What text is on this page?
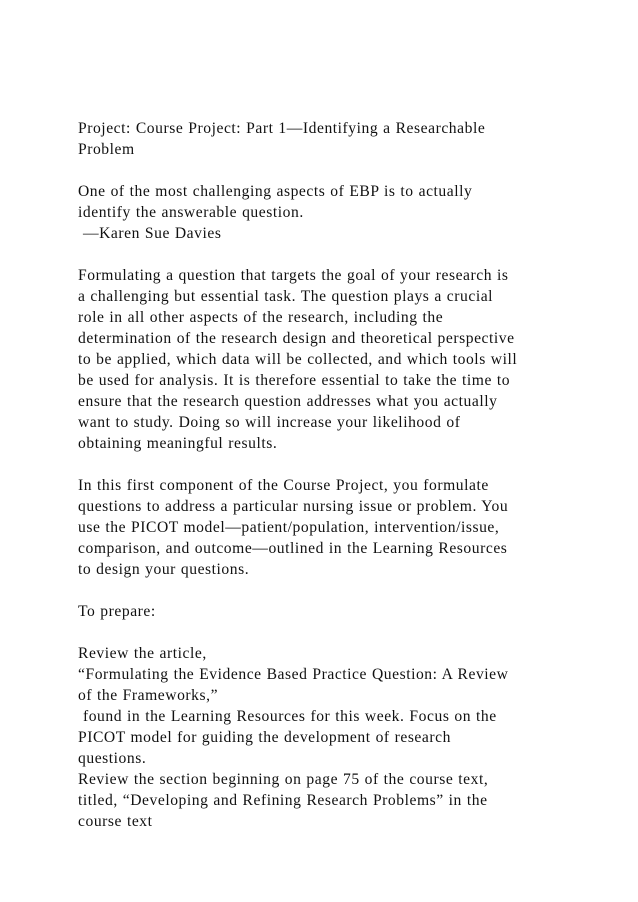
Project: Course Project: Part 1—Identifying a Researchable
Problem
One of the most challenging aspects of EBP is to actually
identify the answerable question.
—Karen Sue Davies
Formulating a question that targets the goal of your research is
a challenging but essential task. The question plays a crucial
role in all other aspects of the research, including the
determination of the research design and theoretical perspective
to be applied, which data will be collected, and which tools will
be used for analysis. It is therefore essential to take the time to
ensure that the research question addresses what you actually
want to study. Doing so will increase your likelihood of
obtaining meaningful results.
In this first component of the Course Project, you formulate
questions to address a particular nursing issue or problem. You
use the PICOT model—patient/population, intervention/issue,
comparison, and outcome—outlined in the Learning Resources
to design your questions.
To prepare:
Review the article,
“Formulating the Evidence Based Practice Question: A Review
of the Frameworks,”
found in the Learning Resources for this week. Focus on the
PICOT model for guiding the development of research
questions.
Review the section beginning on page 75 of the course text,
titled, “Developing and Refining Research Problems” in the
course text
